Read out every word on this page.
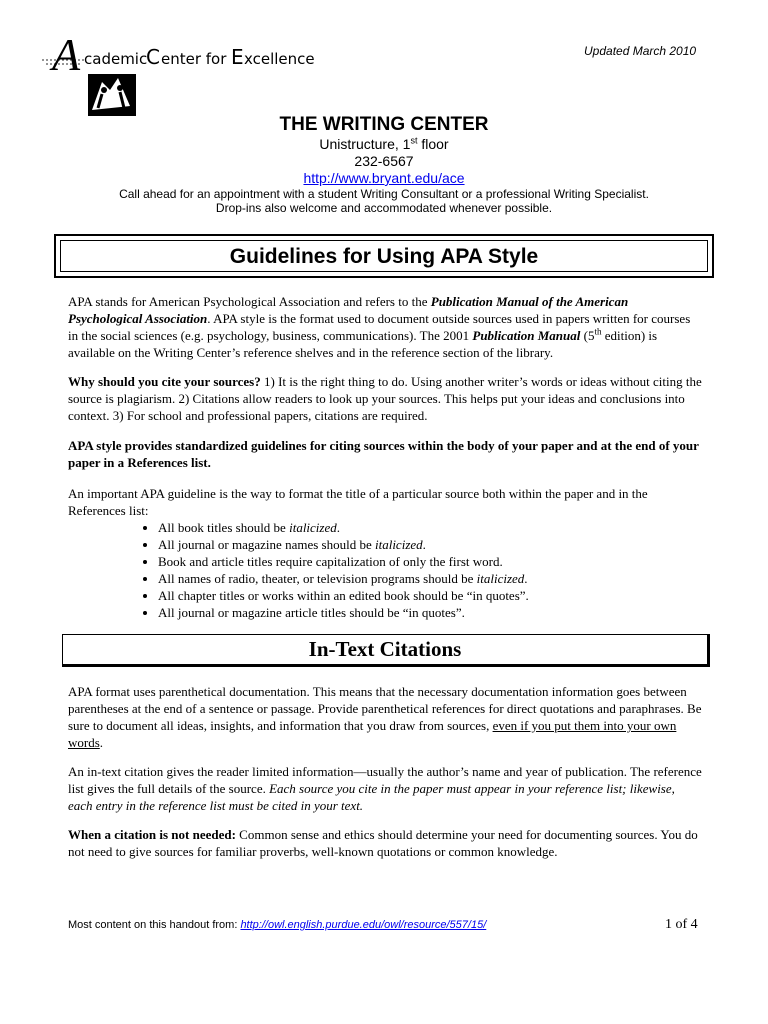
A cademic
C enter for E xcellence	Updated March 2010
THE WRITING CENTER
Unistructure, 1st floor
232-6567
http://www.bryant.edu/ace
Call ahead for an appointment with a student Writing Consultant or a professional Writing Specialist.
Drop-ins also welcome and accommodated whenever possible.
Guidelines for Using APA Style
APA stands for American Psychological Association and refers to the Publication Manual of the American Psychological Association. APA style is the format used to document outside sources used in papers written for courses in the social sciences (e.g. psychology, business, communications). The 2001 Publication Manual (5th edition) is available on the Writing Center’s reference shelves and in the reference section of the library.
Why should you cite your sources? 1) It is the right thing to do. Using another writer’s words or ideas without citing the source is plagiarism. 2) Citations allow readers to look up your sources. This helps put your ideas and conclusions into context. 3) For school and professional papers, citations are required.
APA style provides standardized guidelines for citing sources within the body of your paper and at the end of your paper in a References list.
An important APA guideline is the way to format the title of a particular source both within the paper and in the References list:
• All book titles should be italicized.
• All journal or magazine names should be italicized.
• Book and article titles require capitalization of only the first word.
• All names of radio, theater, or television programs should be italicized.
• All chapter titles or works within an edited book should be “in quotes”.
• All journal or magazine article titles should be “in quotes”.
In-Text Citations
APA format uses parenthetical documentation. This means that the necessary documentation information goes between parentheses at the end of a sentence or passage. Provide parenthetical references for direct quotations and paraphrases. Be sure to document all ideas, insights, and information that you draw from sources, even if you put them into your own words.
An in-text citation gives the reader limited information—usually the author’s name and year of publication. The reference list gives the full details of the source. Each source you cite in the paper must appear in your reference list; likewise, each entry in the reference list must be cited in your text.
When a citation is not needed: Common sense and ethics should determine your need for documenting sources. You do not need to give sources for familiar proverbs, well-known quotations or common knowledge.
Most content on this handout from: http://owl.english.purdue.edu/owl/resource/557/15/	1 of 4
